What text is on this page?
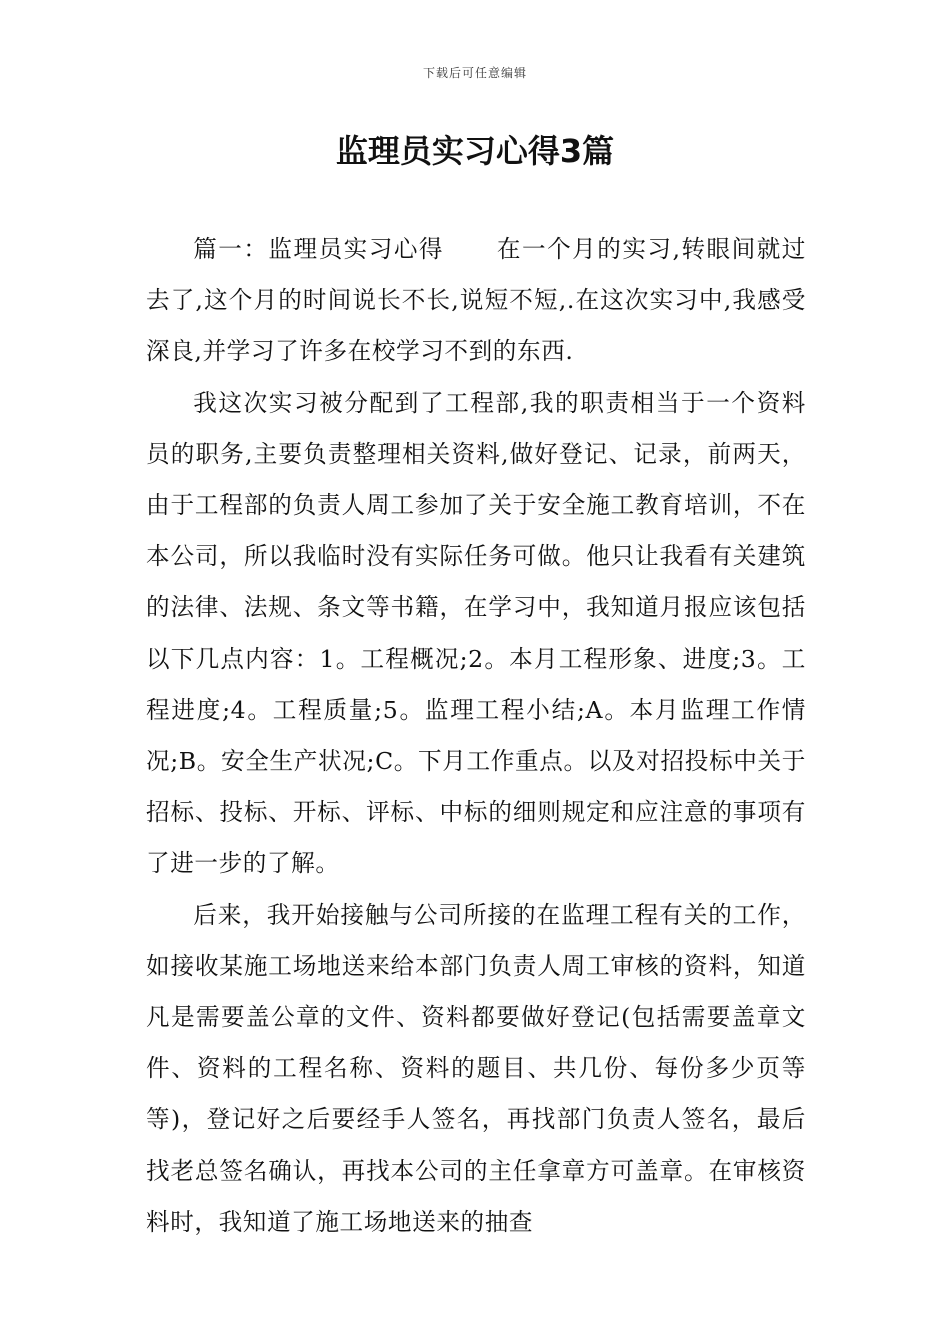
下载后可任意编辑
监理员实习心得3篇

篇一：监理员实习心得 在一个月的实习,转眼间就过去了,这个月的时间说长不长,说短不短,.在这次实习中,我感受深良,并学习了许多在校学习不到的东西.

我这次实习被分配到了工程部,我的职责相当于一个资料员的职务,主要负责整理相关资料,做好登记、记录，前两天，由于工程部的负责人周工参加了关于安全施工教育培训，不在本公司，所以我临时没有实际任务可做。他只让我看有关建筑的法律、法规、条文等书籍，在学习中，我知道月报应该包括以下几点内容：1。工程概况;2。本月工程形象、进度;3。工程进度;4。工程质量;5。监理工程小结;A。本月监理工作情况;B。安全生产状况;C。下月工作重点。以及对招投标中关于招标、投标、开标、评标、中标的细则规定和应注意的事项有了进一步的了解。

后来，我开始接触与公司所接的在监理工程有关的工作，如接收某施工场地送来给本部门负责人周工审核的资料，知道凡是需要盖公章的文件、资料都要做好登记(包括需要盖章文件、资料的工程名称、资料的题目、共几份、每份多少页等等)，登记好之后要经手人签名，再找部门负责人签名，最后找老总签名确认，再找本公司的主任拿章方可盖章。在审核资料时，我知道了施工场地送来的抽查
